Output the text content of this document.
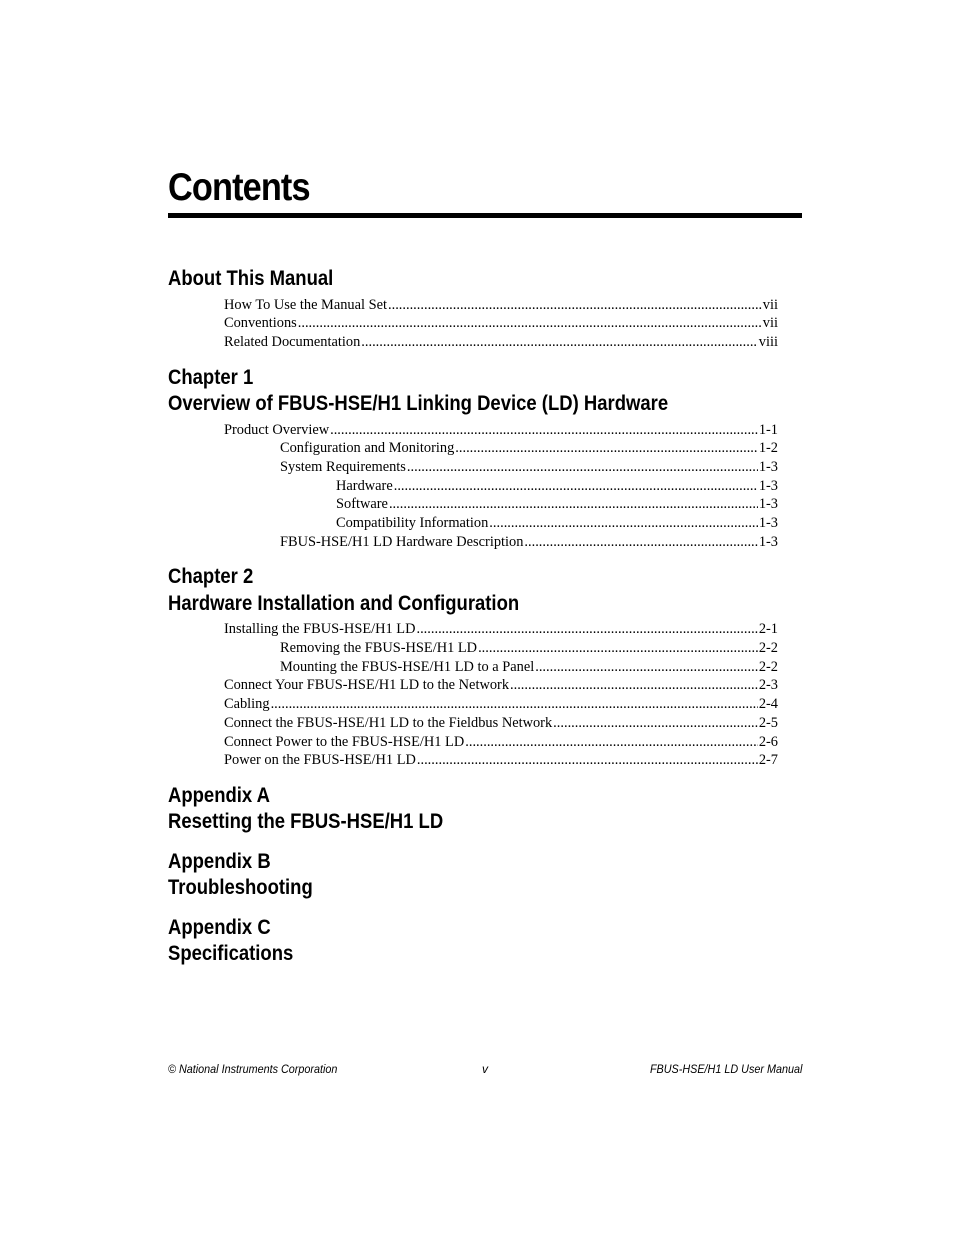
Contents
About This Manual
How To Use the Manual Set .....	vii
Conventions .....	vii
Related Documentation .....	viii
Chapter 1
Overview of FBUS-HSE/H1 Linking Device (LD) Hardware
Product Overview .....	1-1
Configuration and Monitoring .....	1-2
System Requirements .....	1-3
Hardware .....	1-3
Software .....	1-3
Compatibility Information .....	1-3
FBUS-HSE/H1 LD Hardware Description .....	1-3
Chapter 2
Hardware Installation and Configuration
Installing the FBUS-HSE/H1 LD .....	2-1
Removing the FBUS-HSE/H1 LD .....	2-2
Mounting the FBUS-HSE/H1 LD to a Panel .....	2-2
Connect Your FBUS-HSE/H1 LD to the Network .....	2-3
Cabling .....	2-4
Connect the FBUS-HSE/H1 LD to the Fieldbus Network .....	2-5
Connect Power to the FBUS-HSE/H1 LD .....	2-6
Power on the FBUS-HSE/H1 LD .....	2-7
Appendix A
Resetting the FBUS-HSE/H1 LD
Appendix B
Troubleshooting
Appendix C
Specifications
© National Instruments Corporation	v	FBUS-HSE/H1 LD User Manual
